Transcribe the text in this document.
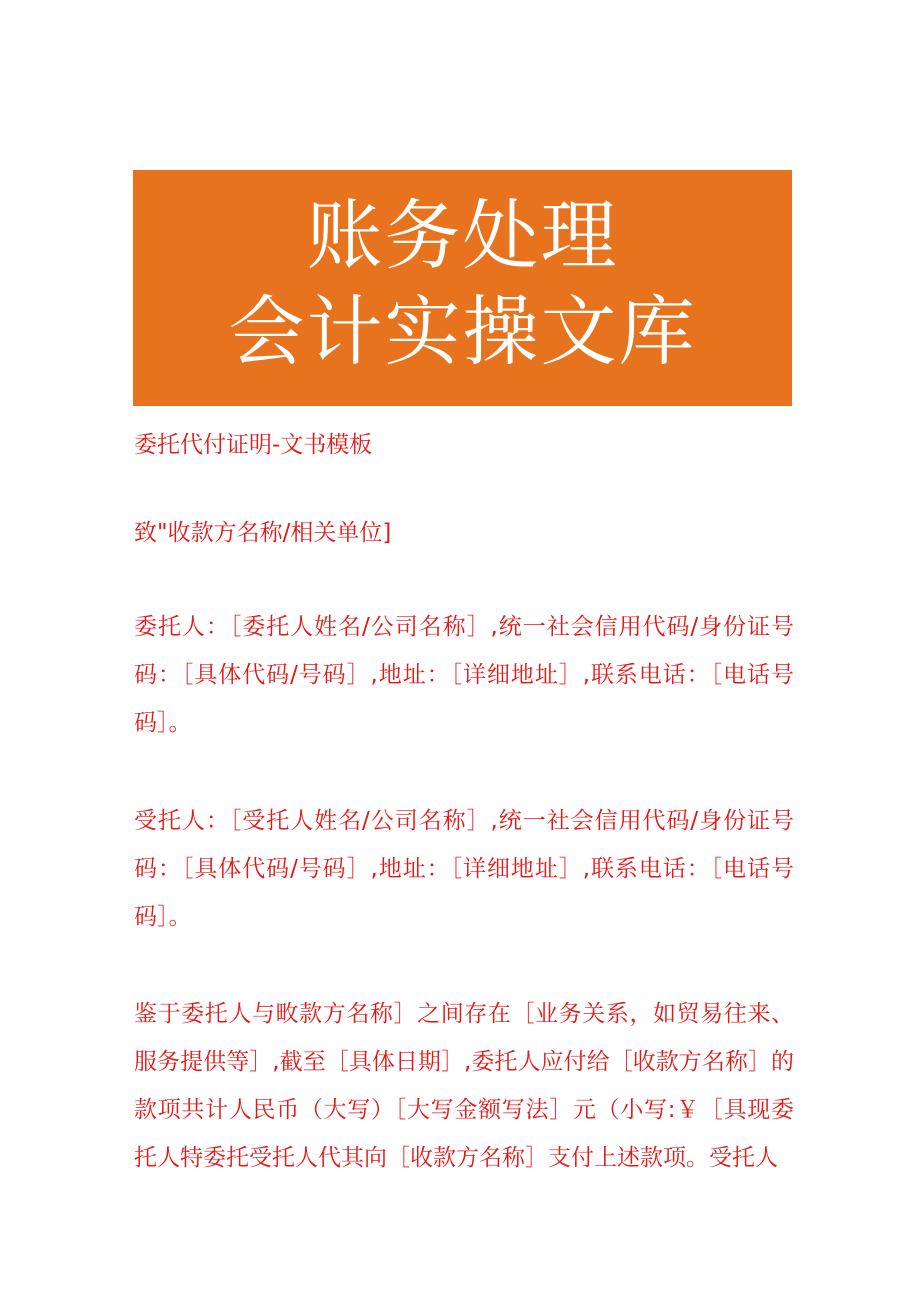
账务处理
会计实操文库
委托代付证明-文书模板

致"收款方名称/相关单位]

委托人：［委托人姓名/公司名称］,统一社会信用代码/身份证号码：［具体代码/号码］,地址：［详细地址］,联系电话：［电话号码］。

受托人：［受托人姓名/公司名称］,统一社会信用代码/身份证号码：［具体代码/号码］,地址：［详细地址］,联系电话：［电话号码］。

鉴于委托人与畋款方名称］之间存在［业务关系，如贸易往来、服务提供等］,截至［具体日期］,委托人应付给［收款方名称］的款项共计人民币（大写）［大写金额写法］元（小写:￥［具现委托人特委托受托人代其向［收款方名称］支付上述款项。受托人
